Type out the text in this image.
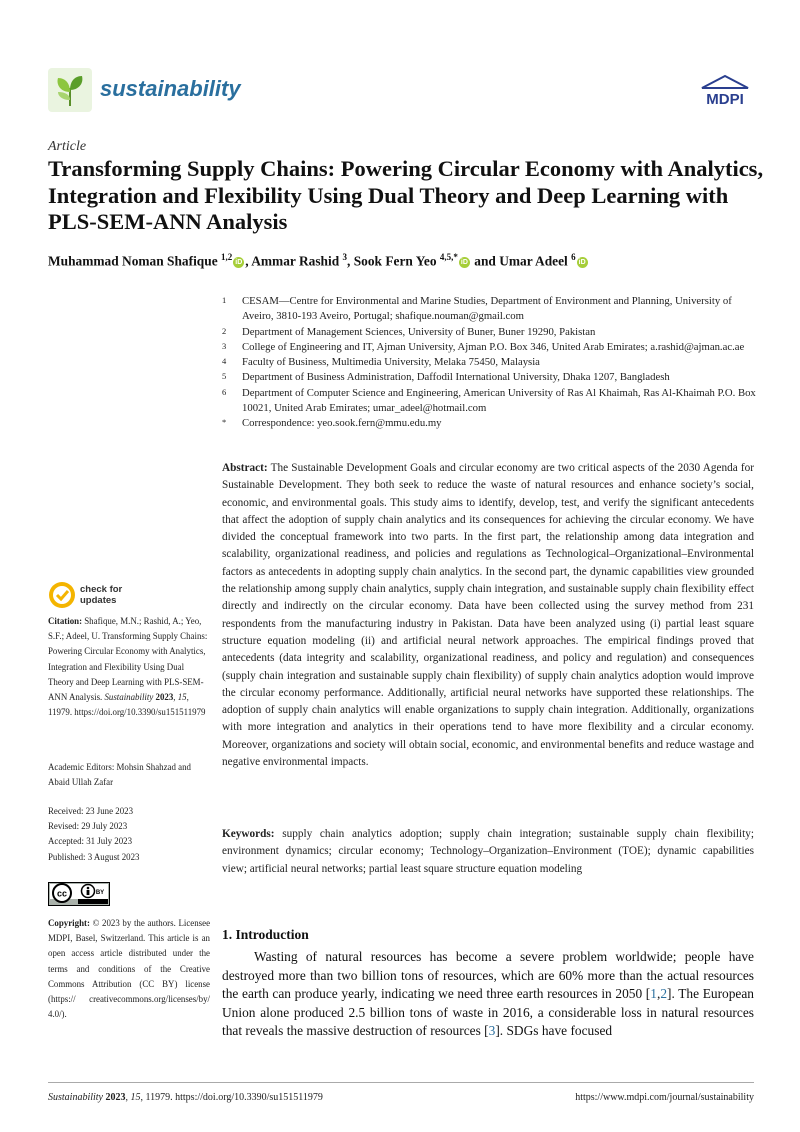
sustainability	MDPI
Article
Transforming Supply Chains: Powering Circular Economy with Analytics, Integration and Flexibility Using Dual Theory and Deep Learning with PLS-SEM-ANN Analysis
Muhammad Noman Shafique $^{1,2}$iD , Ammar Rashid $^3$, Sook Fern Yeo $^{4,5,*}$iD and Umar Adeel $^6$iD
1	CESAM—Centre for Environmental and Marine Studies, Department of Environment and Planning, University of Aveiro, 3810-193 Aveiro, Portugal; shafique.nouman@gmail.com
2	Department of Management Sciences, University of Buner, Buner 19290, Pakistan
3	College of Engineering and IT, Ajman University, Ajman P.O. Box 346, United Arab Emirates; a.rashid@ajman.ac.ae
4	Faculty of Business, Multimedia University, Melaka 75450, Malaysia
5	Department of Business Administration, Daffodil International University, Dhaka 1207, Bangladesh
6	Department of Computer Science and Engineering, American University of Ras Al Khaimah, Ras Al-Khaimah P.O. Box 10021, United Arab Emirates; umar_adeel@hotmail.com
*	Correspondence: yeo.sook.fern@mmu.edu.my
check for
updates
Citation: Shafique, M.N.; Rashid, A.; Yeo, S.F.; Adeel, U. Transforming Supply Chains: Powering Circular Economy with Analytics, Integration and Flexibility Using Dual Theory and Deep Learning with PLS-SEM-ANN Analysis. Sustainability 2023, 15, 11979. https://doi.org/10.3390/su151511979
Academic Editors: Mohsin Shahzad and Abaid Ullah Zafar
Received: 23 June 2023
Revised: 29 July 2023
Accepted: 31 July 2023
Published: 3 August 2023
cc	BY
Copyright: © 2023 by the authors. Licensee MDPI, Basel, Switzerland. This article is an open access article distributed under the terms and conditions of the Creative Commons Attribution (CC BY) license (https:// creativecommons.org/licenses/by/ 4.0/).
Abstract: The Sustainable Development Goals and circular economy are two critical aspects of the 2030 Agenda for Sustainable Development. They both seek to reduce the waste of natural resources and enhance society’s social, economic, and environmental goals. This study aims to identify, develop, test, and verify the significant antecedents that affect the adoption of supply chain analytics and its consequences for achieving the circular economy. We have divided the conceptual framework into two parts. In the first part, the relationship among data integration and scalability, organizational readiness, and policies and regulations as Technological–Organizational–Environmental factors as antecedents in adopting supply chain analytics. In the second part, the dynamic capabilities view grounded the relationship among supply chain analytics, supply chain integration, and sustainable supply chain flexibility effect directly and indirectly on the circular economy. Data have been collected using the survey method from 231 respondents from the manufacturing industry in Pakistan. Data have been analyzed using (i) partial least square structure equation modeling (ii) and artificial neural network approaches. The empirical findings proved that antecedents (data integrity and scalability, organizational readiness, and policy and regulation) and consequences (supply chain integration and sustainable supply chain flexibility) of supply chain analytics adoption would improve the circular economy performance. Additionally, artificial neural networks have supported these relationships. The adoption of supply chain analytics will enable organizations to supply chain integration. Additionally, organizations with more integration and analytics in their operations tend to have more flexibility and a circular economy. Moreover, organizations and society will obtain social, economic, and environmental benefits and reduce wastage and negative environmental impacts.
Keywords: supply chain analytics adoption; supply chain integration; sustainable supply chain flexibility; environment dynamics; circular economy; Technology–Organization–Environment (TOE); dynamic capabilities view; artificial neural networks; partial least square structure equation modeling
1. Introduction
Wasting of natural resources has become a severe problem worldwide; people have destroyed more than two billion tons of resources, which are 60% more than the actual resources the earth can produce yearly, indicating we need three earth resources in 2050 [1,2]. The European Union alone produced 2.5 billion tons of waste in 2016, a considerable loss in natural resources that reveals the massive destruction of resources [3]. SDGs have focused
Sustainability 2023, 15, 11979. https://doi.org/10.3390/su151511979	https://www.mdpi.com/journal/sustainability
